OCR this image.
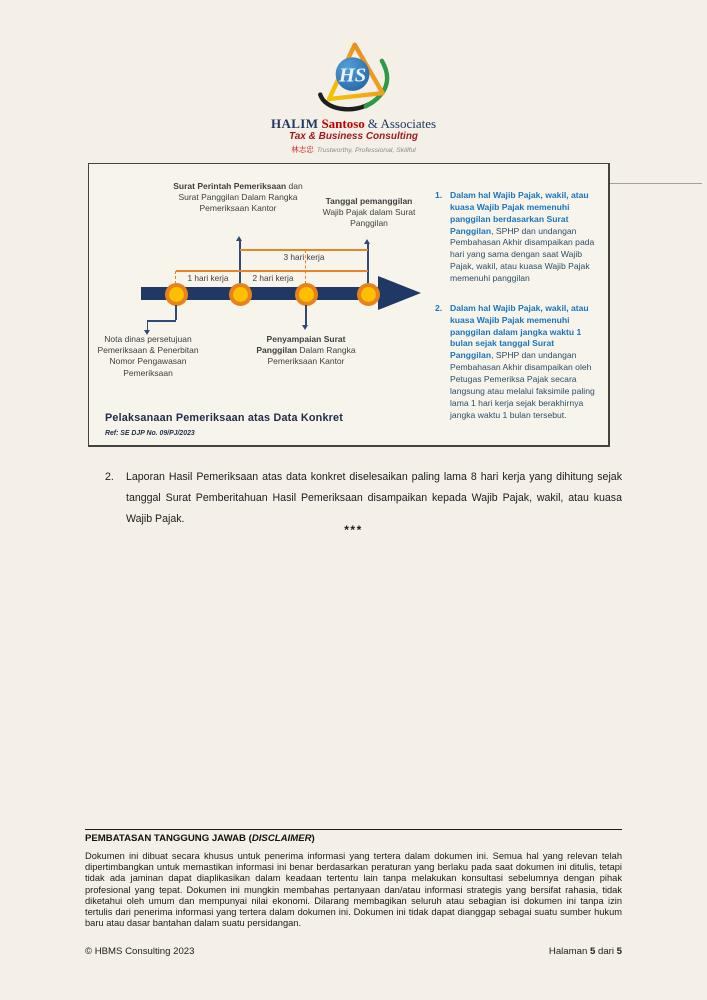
HS
HALIM Santoso & Associates
Tax & Business Consulting
林志忠 Trustworthy, Professional, Skillful
Surat Perintah Pemeriksaan dan Surat Panggilan Dalam Rangka Pemeriksaan Kantor
Tanggal pemanggilan Wajib Pajak dalam Surat Panggilan
3 hari kerja
1 hari kerja	2 hari kerja
Nota dinas persetujuan Pemeriksaan & Penerbitan Nomor Pengawasan Pemeriksaan
Penyampaian Surat Panggilan Dalam Rangka Pemeriksaan Kantor
Pelaksanaan Pemeriksaan atas Data Konkret
Ref: SE DJP No. 09/PJ/2023
1. Dalam hal Wajib Pajak, wakil, atau kuasa Wajib Pajak memenuhi panggilan berdasarkan Surat Panggilan, SPHP dan undangan Pembahasan Akhir disampaikan pada hari yang sama dengan saat Wajib Pajak, wakil, atau kuasa Wajib Pajak memenuhi panggilan
2. Dalam hal Wajib Pajak, wakil, atau kuasa Wajib Pajak memenuhi panggilan dalam jangka waktu 1 bulan sejak tanggal Surat Panggilan, SPHP dan undangan Pembahasan Akhir disampaikan oleh Petugas Pemeriksa Pajak secara langsung atau melalui faksimile paling lama 1 hari kerja sejak berakhirnya jangka waktu 1 bulan tersebut.
2.	Laporan Hasil Pemeriksaan atas data konkret diselesaikan paling lama 8 hari kerja yang dihitung sejak tanggal Surat Pemberitahuan Hasil Pemeriksaan disampaikan kepada Wajib Pajak, wakil, atau kuasa Wajib Pajak.
***
PEMBATASAN TANGGUNG JAWAB (DISCLAIMER)
Dokumen ini dibuat secara khusus untuk penerima informasi yang tertera dalam dokumen ini. Semua hal yang relevan telah dipertimbangkan untuk memastikan informasi ini benar berdasarkan peraturan yang berlaku pada saat dokumen ini ditulis, tetapi tidak ada jaminan dapat diaplikasikan dalam keadaan tertentu lain tanpa melakukan konsultasi sebelumnya dengan pihak profesional yang tepat. Dokumen ini mungkin membahas pertanyaan dan/atau informasi strategis yang bersifat rahasia, tidak diketahui oleh umum dan mempunyai nilai ekonomi. Dilarang membagikan seluruh atau sebagian isi dokumen ini tanpa izin tertulis dari penerima informasi yang tertera dalam dokumen ini. Dokumen ini tidak dapat dianggap sebagai suatu sumber hukum baru atau dasar bantahan dalam suatu persidangan.
© HBMS Consulting 2023	Halaman 5 dari 5
